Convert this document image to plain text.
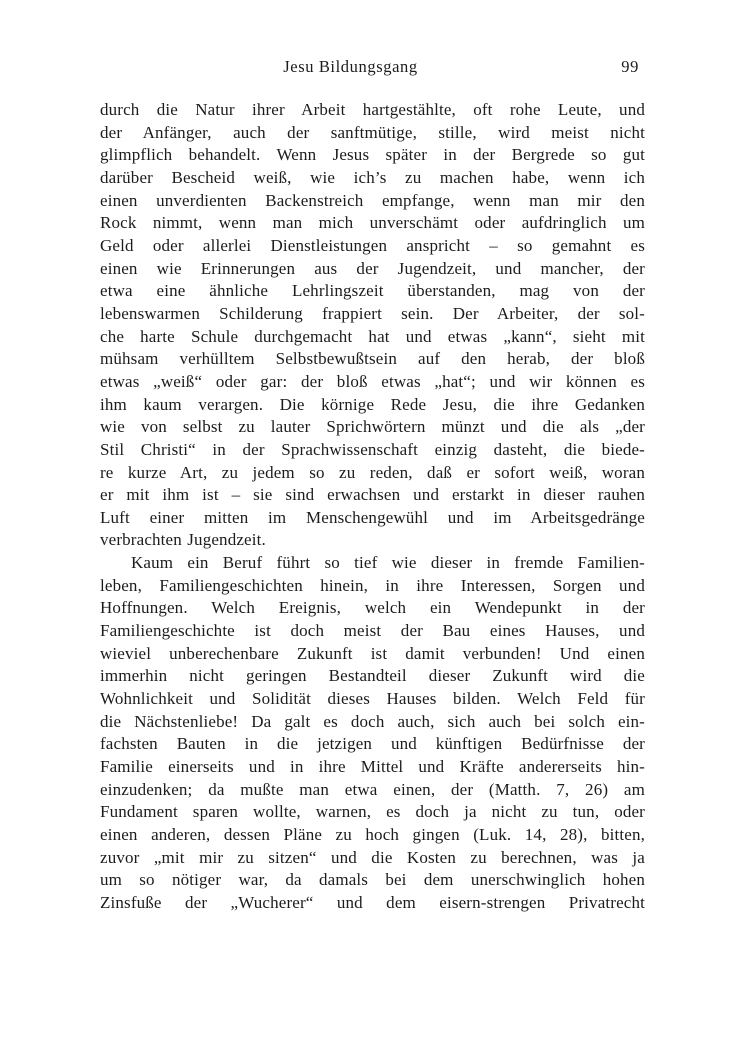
Jesu Bildungsgang	99
durch die Natur ihrer Arbeit hartgestählte, oft rohe Leute, und
der Anfänger, auch der sanftmütige, stille, wird meist nicht
glimpflich behandelt. Wenn Jesus später in der Bergrede so gut
darüber Bescheid weiß, wie ich’s zu machen habe, wenn ich
einen unverdienten Backenstreich empfange, wenn man mir den
Rock nimmt, wenn man mich unverschämt oder aufdringlich um
Geld oder allerlei Dienstleistungen anspricht – so gemahnt es
einen wie Erinnerungen aus der Jugendzeit, und mancher, der
etwa eine ähnliche Lehrlingszeit überstanden, mag von der
lebenswarmen Schilderung frappiert sein. Der Arbeiter, der sol-
che harte Schule durchgemacht hat und etwas „kann“, sieht mit
mühsam verhülltem Selbstbewußtsein auf den herab, der bloß
etwas „weiß“ oder gar: der bloß etwas „hat“; und wir können es
ihm kaum verargen. Die körnige Rede Jesu, die ihre Gedanken
wie von selbst zu lauter Sprichwörtern münzt und die als „der
Stil Christi“ in der Sprachwissenschaft einzig dasteht, die biede-
re kurze Art, zu jedem so zu reden, daß er sofort weiß, woran
er mit ihm ist – sie sind erwachsen und erstarkt in dieser rauhen
Luft einer mitten im Menschengewühl und im Arbeitsgedränge
verbrachten Jugendzeit.
Kaum ein Beruf führt so tief wie dieser in fremde Familien-
leben, Familiengeschichten hinein, in ihre Interessen, Sorgen und
Hoffnungen. Welch Ereignis, welch ein Wendepunkt in der
Familiengeschichte ist doch meist der Bau eines Hauses, und
wieviel unberechenbare Zukunft ist damit verbunden! Und einen
immerhin nicht geringen Bestandteil dieser Zukunft wird die
Wohnlichkeit und Solidität dieses Hauses bilden. Welch Feld für
die Nächstenliebe! Da galt es doch auch, sich auch bei solch ein-
fachsten Bauten in die jetzigen und künftigen Bedürfnisse der
Familie einerseits und in ihre Mittel und Kräfte andererseits hin-
einzudenken; da mußte man etwa einen, der (Matth. 7, 26) am
Fundament sparen wollte, warnen, es doch ja nicht zu tun, oder
einen anderen, dessen Pläne zu hoch gingen (Luk. 14, 28), bitten,
zuvor „mit mir zu sitzen“ und die Kosten zu berechnen, was ja
um so nötiger war, da damals bei dem unerschwinglich hohen
Zinsfuße der „Wucherer“ und dem eisern-strengen Privatrecht
